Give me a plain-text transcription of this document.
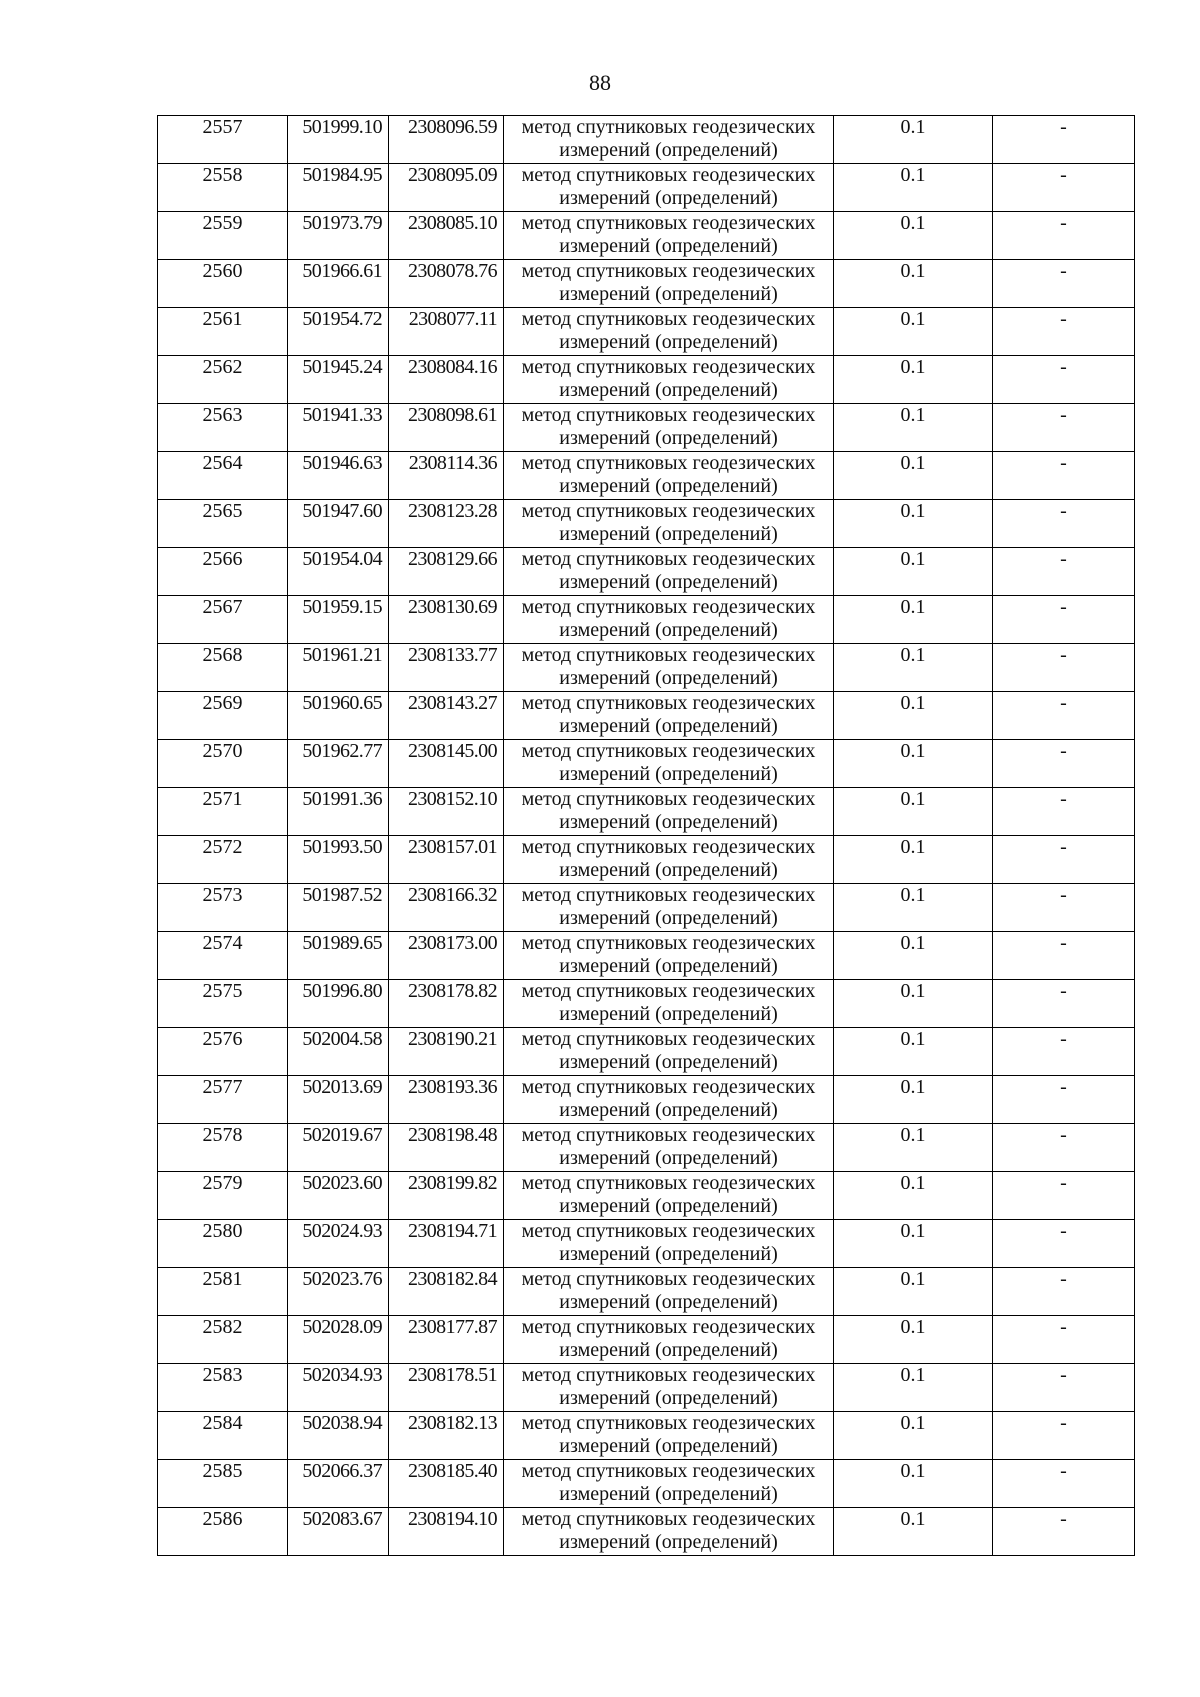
88
2557	501999.10	2308096.59	метод спутниковых геодезических
измерений (определений)	0.1	-
2558	501984.95	2308095.09	метод спутниковых геодезических
измерений (определений)	0.1	-
2559	501973.79	2308085.10	метод спутниковых геодезических
измерений (определений)	0.1	-
2560	501966.61	2308078.76	метод спутниковых геодезических
измерений (определений)	0.1	-
2561	501954.72	2308077.11	метод спутниковых геодезических
измерений (определений)	0.1	-
2562	501945.24	2308084.16	метод спутниковых геодезических
измерений (определений)	0.1	-
2563	501941.33	2308098.61	метод спутниковых геодезических
измерений (определений)	0.1	-
2564	501946.63	2308114.36	метод спутниковых геодезических
измерений (определений)	0.1	-
2565	501947.60	2308123.28	метод спутниковых геодезических
измерений (определений)	0.1	-
2566	501954.04	2308129.66	метод спутниковых геодезических
измерений (определений)	0.1	-
2567	501959.15	2308130.69	метод спутниковых геодезических
измерений (определений)	0.1	-
2568	501961.21	2308133.77	метод спутниковых геодезических
измерений (определений)	0.1	-
2569	501960.65	2308143.27	метод спутниковых геодезических
измерений (определений)	0.1	-
2570	501962.77	2308145.00	метод спутниковых геодезических
измерений (определений)	0.1	-
2571	501991.36	2308152.10	метод спутниковых геодезических
измерений (определений)	0.1	-
2572	501993.50	2308157.01	метод спутниковых геодезических
измерений (определений)	0.1	-
2573	501987.52	2308166.32	метод спутниковых геодезических
измерений (определений)	0.1	-
2574	501989.65	2308173.00	метод спутниковых геодезических
измерений (определений)	0.1	-
2575	501996.80	2308178.82	метод спутниковых геодезических
измерений (определений)	0.1	-
2576	502004.58	2308190.21	метод спутниковых геодезических
измерений (определений)	0.1	-
2577	502013.69	2308193.36	метод спутниковых геодезических
измерений (определений)	0.1	-
2578	502019.67	2308198.48	метод спутниковых геодезических
измерений (определений)	0.1	-
2579	502023.60	2308199.82	метод спутниковых геодезических
измерений (определений)	0.1	-
2580	502024.93	2308194.71	метод спутниковых геодезических
измерений (определений)	0.1	-
2581	502023.76	2308182.84	метод спутниковых геодезических
измерений (определений)	0.1	-
2582	502028.09	2308177.87	метод спутниковых геодезических
измерений (определений)	0.1	-
2583	502034.93	2308178.51	метод спутниковых геодезических
измерений (определений)	0.1	-
2584	502038.94	2308182.13	метод спутниковых геодезических
измерений (определений)	0.1	-
2585	502066.37	2308185.40	метод спутниковых геодезических
измерений (определений)	0.1	-
2586	502083.67	2308194.10	метод спутниковых геодезических
измерений (определений)	0.1	-
